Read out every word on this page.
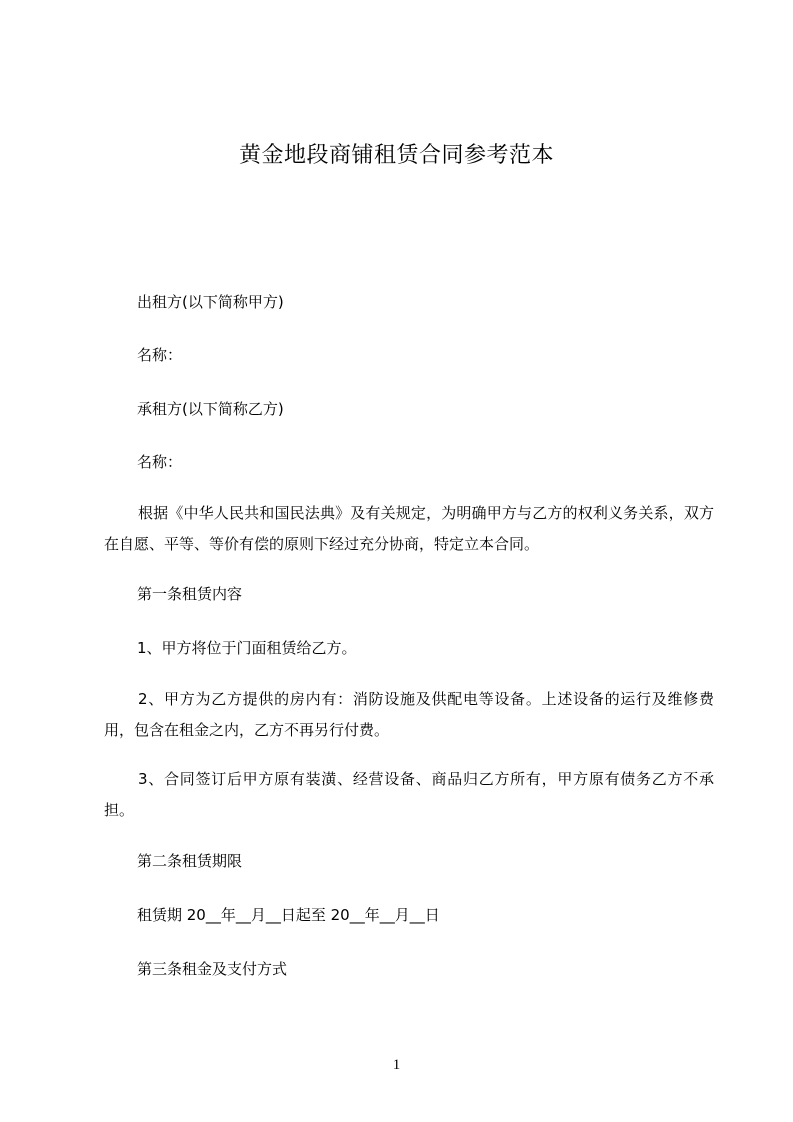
黄金地段商铺租赁合同参考范本
出租方(以下简称甲方)
名称：
承租方(以下简称乙方)
名称：
根据《中华人民共和国民法典》及有关规定，为明确甲方与乙方的权利义务关系，双方在自愿、平等、等价有偿的原则下经过充分协商，特定立本合同。
第一条租赁内容
1、甲方将位于门面租赁给乙方。
2、甲方为乙方提供的房内有：消防设施及供配电等设备。上述设备的运行及维修费用，包含在租金之内，乙方不再另行付费。
3、合同签订后甲方原有装潢、经营设备、商品归乙方所有，甲方原有债务乙方不承担。
第二条租赁期限
租赁期 20__年__月__日起至 20__年__月__日
第三条租金及支付方式
1
